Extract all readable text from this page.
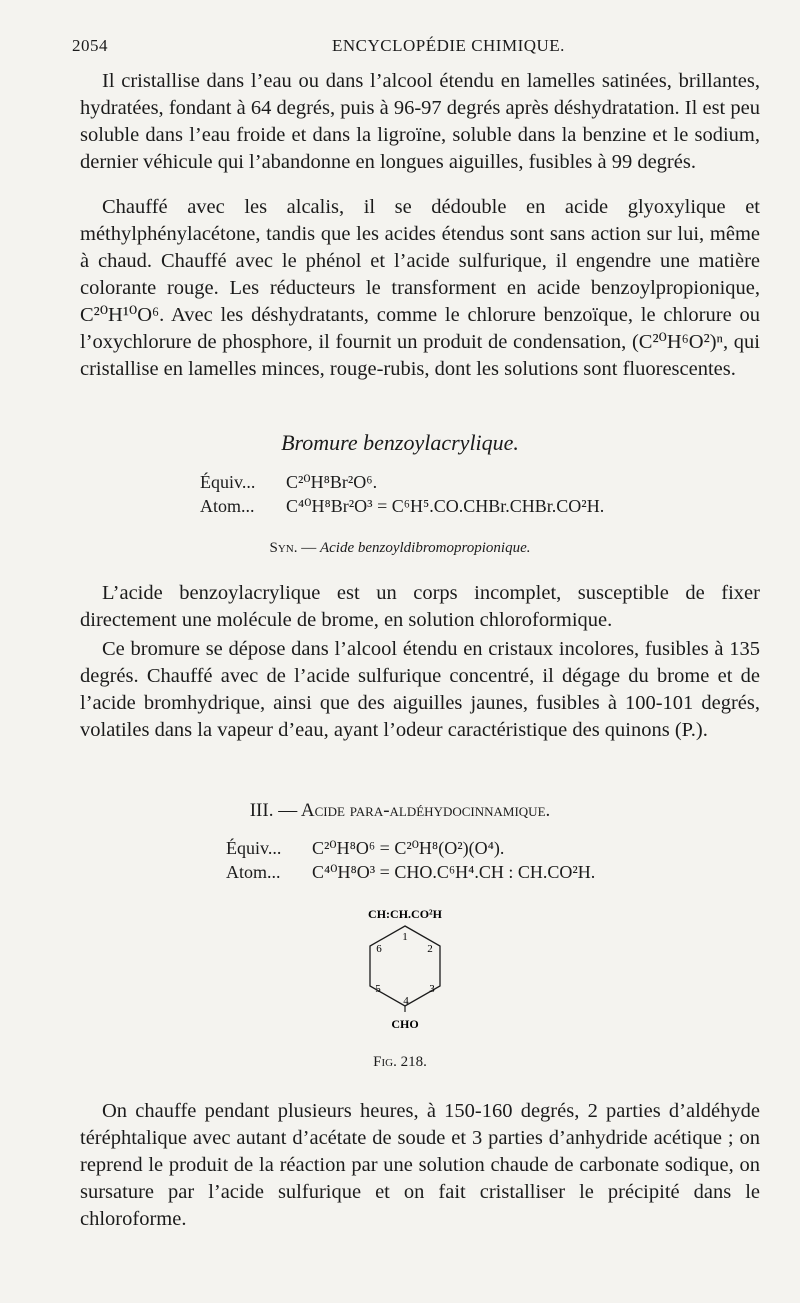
2054	ENCYCLOPÉDIE CHIMIQUE.

Il cristallise dans l’eau ou dans l’alcool étendu en lamelles satinées, brillantes, hydratées, fondant à 64 degrés, puis à 96-97 degrés après déshydratation. Il est peu soluble dans l’eau froide et dans la ligroïne, soluble dans la benzine et le sodium, dernier véhicule qui l’abandonne en longues aiguilles, fusibles à 99 degrés.

Chauffé avec les alcalis, il se dédouble en acide glyoxylique et méthylphénylacétone, tandis que les acides étendus sont sans action sur lui, même à chaud. Chauffé avec le phénol et l’acide sulfurique, il engendre une matière colorante rouge. Les réducteurs le transforment en acide benzoylpropionique, C²⁰H¹⁰O⁶. Avec les déshydratants, comme le chlorure benzoïque, le chlorure ou l’oxychlorure de phosphore, il fournit un produit de condensation, (C²⁰H⁶O²)ⁿ, qui cristallise en lamelles minces, rouge-rubis, dont les solutions sont fluorescentes.

Bromure benzoylacrylique.
Équiv... C²⁰H⁸Br²O⁶.
Atom... C⁴⁰H⁸Br²O³ = C⁶H⁵.CO.CHBr.CHBr.CO²H.
Syn. — Acide benzoyldibromopropionique.

L’acide benzoylacrylique est un corps incomplet, susceptible de fixer directement une molécule de brome, en solution chloroformique.

Ce bromure se dépose dans l’alcool étendu en cristaux incolores, fusibles à 135 degrés. Chauffé avec de l’acide sulfurique concentré, il dégage du brome et de l’acide bromhydrique, ainsi que des aiguilles jaunes, fusibles à 100-101 degrés, volatiles dans la vapeur d’eau, ayant l’odeur caractéristique des quinons (P.).

III. — Acide para-aldéhydocinnamique.
Équiv... C²⁰H⁸O⁶ = C²⁰H⁸(O²)(O⁴).
Atom... C⁴⁰H⁸O³ = CHO.C⁶H⁴.CH : CH.CO²H.
CH:CH.CO²H
1
2
3
4
5
6
CHO
Fig. 218.

On chauffe pendant plusieurs heures, à 150-160 degrés, 2 parties d’aldéhyde téréphtalique avec autant d’acétate de soude et 3 parties d’anhydride acétique ; on reprend le produit de la réaction par une solution chaude de carbonate sodique, on sursature par l’acide sulfurique et on fait cristalliser le précipité dans le chloroforme.
